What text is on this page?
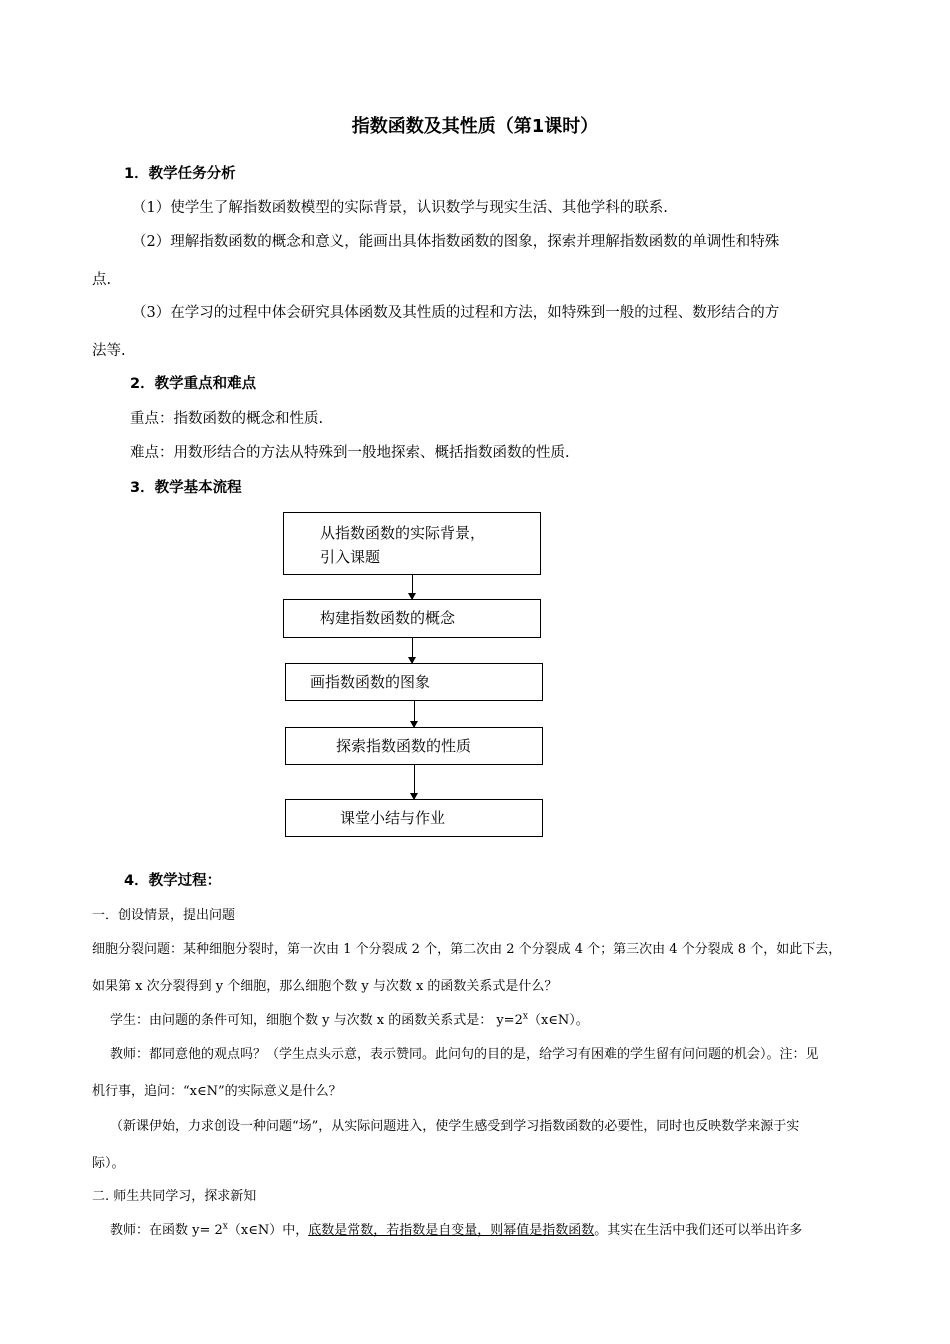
指数函数及其性质（第1课时）
1．教学任务分析
（1）使学生了解指数函数模型的实际背景，认识数学与现实生活、其他学科的联系.
（2）理解指数函数的概念和意义，能画出具体指数函数的图象，探索并理解指数函数的单调性和特殊
点.
（3）在学习的过程中体会研究具体函数及其性质的过程和方法，如特殊到一般的过程、数形结合的方
法等.
2．教学重点和难点
重点：指数函数的概念和性质.
难点：用数形结合的方法从特殊到一般地探索、概括指数函数的性质.
3．教学基本流程
从指数函数的实际背景，
引入课题
构建指数函数的概念
画指数函数的图象
探索指数函数的性质
课堂小结与作业
4．教学过程：
一．创设情景，提出问题
细胞分裂问题：某种细胞分裂时，第一次由 1 个分裂成 2 个，第二次由 2 个分裂成 4 个；第三次由 4 个分裂成 8 个，如此下去，
如果第 x 次分裂得到 y 个细胞，那么细胞个数 y 与次数 x 的函数关系式是什么？
学生：由问题的条件可知，细胞个数 y 与次数 x 的函数关系式是： $y=2^x(x\in N)$。
教师：都同意他的观点吗？（学生点头示意，表示赞同。此问句的目的是，给学习有困难的学生留有问问题的机会）。注：见
机行事，追问：“x∈N”的实际意义是什么？
（新课伊始，力求创设一种问题“场”，从实际问题进入，使学生感受到学习指数函数的必要性，同时也反映数学来源于实
际）。
二. 师生共同学习，探求新知
教师：在函数 $y= 2^x(x\in N)$中，底数是常数，若指数是自变量，则幂值是指数函数。其实在生活中我们还可以举出许多
